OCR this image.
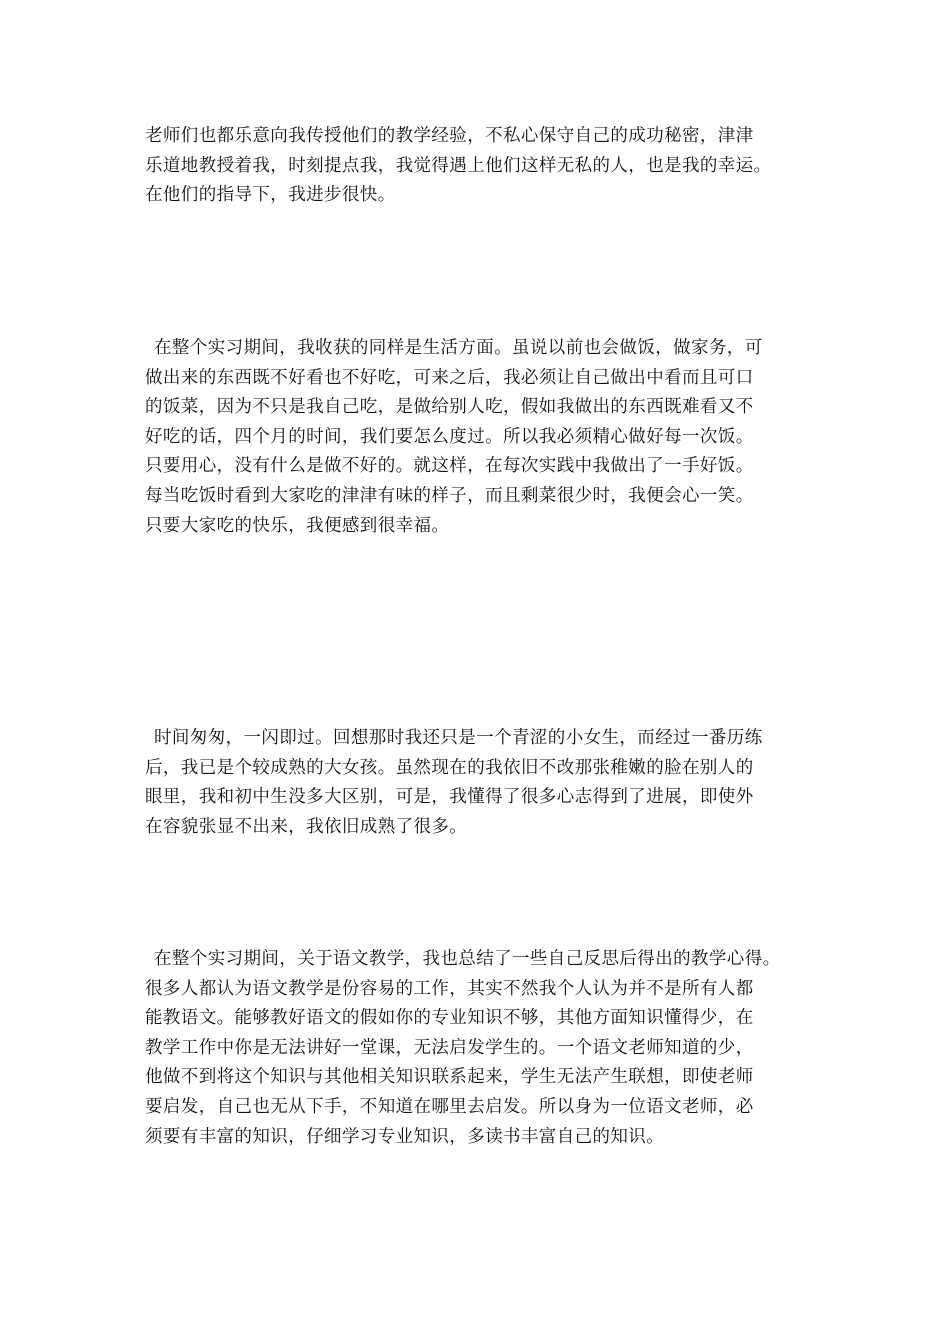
老师们也都乐意向我传授他们的教学经验，不私心保守自己的成功秘密，津津
乐道地教授着我，时刻提点我，我觉得遇上他们这样无私的人，也是我的幸运。
在他们的指导下，我进步很快。
在整个实习期间，我收获的同样是生活方面。虽说以前也会做饭，做家务，可
做出来的东西既不好看也不好吃，可来之后，我必须让自己做出中看而且可口
的饭菜，因为不只是我自己吃，是做给别人吃，假如我做出的东西既难看又不
好吃的话，四个月的时间，我们要怎么度过。所以我必须精心做好每一次饭。
只要用心，没有什么是做不好的。就这样，在每次实践中我做出了一手好饭。
每当吃饭时看到大家吃的津津有味的样子，而且剩菜很少时，我便会心一笑。
只要大家吃的快乐，我便感到很幸福。
时间匆匆，一闪即过。回想那时我还只是一个青涩的小女生，而经过一番历练
后，我已是个较成熟的大女孩。虽然现在的我依旧不改那张稚嫩的脸在别人的
眼里，我和初中生没多大区别，可是，我懂得了很多心志得到了进展，即使外
在容貌张显不出来，我依旧成熟了很多。
在整个实习期间，关于语文教学，我也总结了一些自己反思后得出的教学心得。
很多人都认为语文教学是份容易的工作，其实不然我个人认为并不是所有人都
能教语文。能够教好语文的假如你的专业知识不够，其他方面知识懂得少，在
教学工作中你是无法讲好一堂课，无法启发学生的。一个语文老师知道的少，
他做不到将这个知识与其他相关知识联系起来，学生无法产生联想，即使老师
要启发，自己也无从下手，不知道在哪里去启发。所以身为一位语文老师，必
须要有丰富的知识，仔细学习专业知识，多读书丰富自己的知识。
